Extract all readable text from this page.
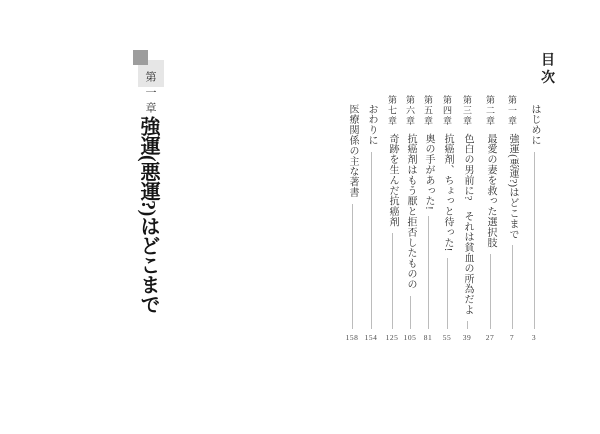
第一章
強運(悪運?)はどこまで
目次
はじめに
3
第一章強運(悪運?)はどこまで
7
第二章最愛の妻を救った選択肢
27
第三章色白の男前に?　それは貧血の所為だよ
39
第四章抗癌剤、ちょっと待った!
55
第五章奥の手があった!
81
第六章抗癌剤はもう厭と拒否したものの
105
第七章奇跡を生んだ抗癌剤
125
おわりに
154
医療関係の主な著書
158
